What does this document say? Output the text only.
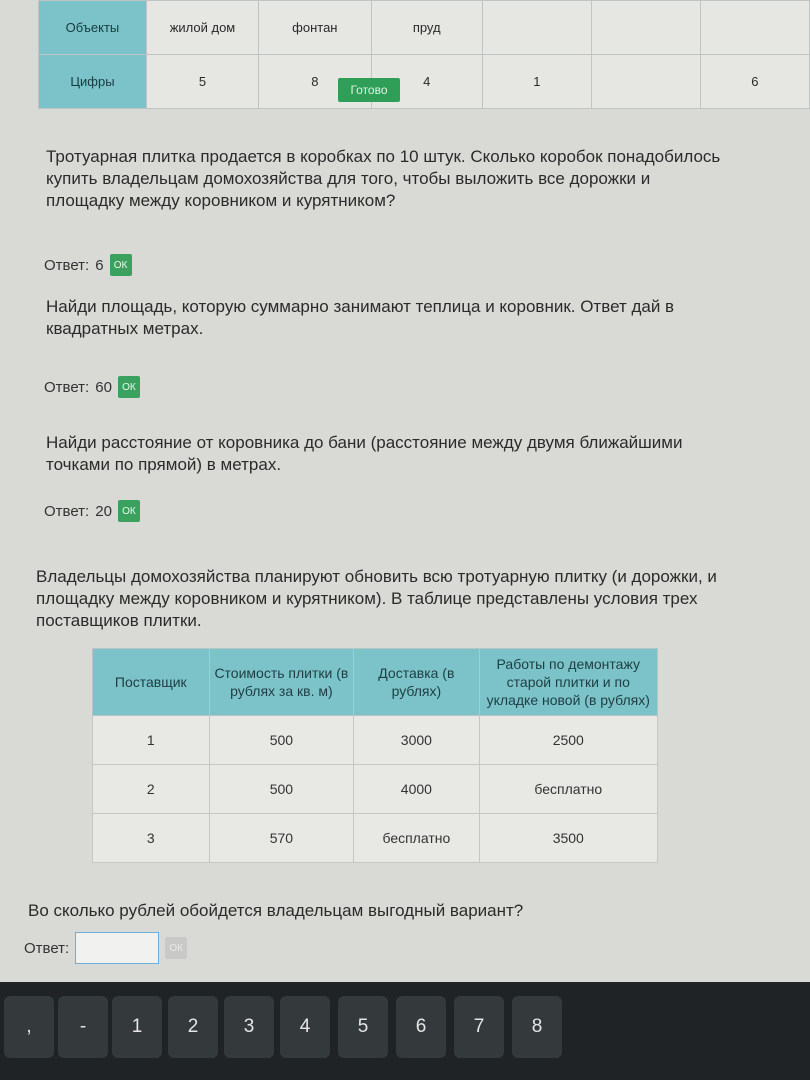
Объекты	жилой дом	фонтан	пруд			
Цифры	5	8	4	1		6
Готово
Тротуарная плитка продается в коробках по 10 штук. Сколько коробок понадобилось купить владельцам домохозяйства для того, чтобы выложить все дорожки и площадку между коровником и курятником?
Ответ: 6	ОК
Найди площадь, которую суммарно занимают теплица и коровник. Ответ дай в квадратных метрах.
Ответ: 60	ОК
Найди расстояние от коровника до бани (расстояние между двумя ближайшими точками по прямой) в метрах.
Ответ: 20	ОК
Владельцы домохозяйства планируют обновить всю тротуарную плитку (и дорожки, и площадку между коровником и курятником). В таблице представлены условия трех поставщиков плитки.
Поставщик	Стоимость плитки (в рублях за кв. м)	Доставка (в рублях)	Работы по демонтажу старой плитки и по укладке новой (в рублях)
1	500	3000	2500
2	500	4000	бесплатно
3	570	бесплатно	3500
Во сколько рублей обойдется владельцам выгодный вариант?
Ответ:	ОК
,	-	1	2	3	4	5	6	7	8
